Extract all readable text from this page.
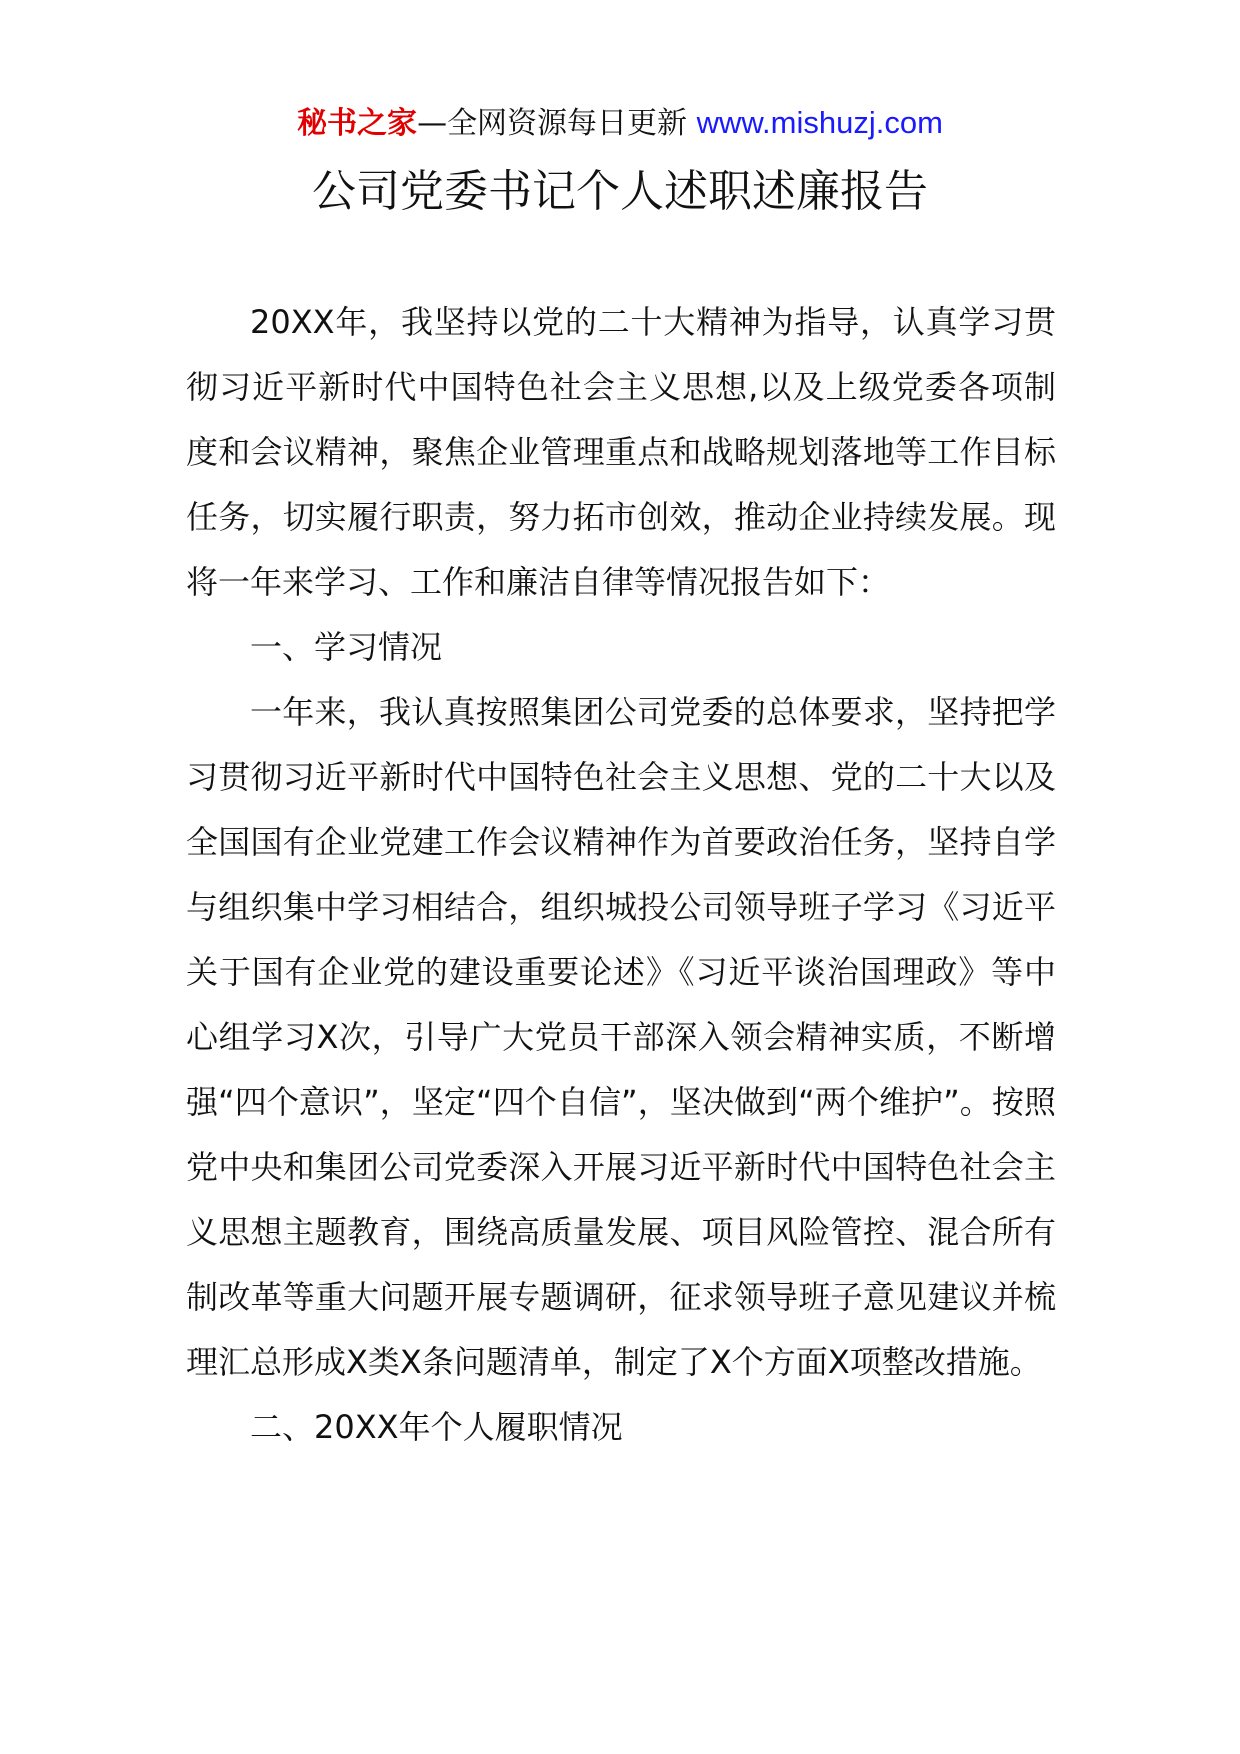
秘书之家—全网资源每日更新 www.mishuzj.com
公司党委书记个人述职述廉报告

20XX年，我坚持以党的二十大精神为指导，认真学习贯彻习近平新时代中国特色社会主义思想,以及上级党委各项制度和会议精神，聚焦企业管理重点和战略规划落地等工作目标任务，切实履行职责，努力拓市创效，推动企业持续发展。现将一年来学习、工作和廉洁自律等情况报告如下：

一、学习情况

一年来，我认真按照集团公司党委的总体要求，坚持把学习贯彻习近平新时代中国特色社会主义思想、党的二十大以及全国国有企业党建工作会议精神作为首要政治任务，坚持自学与组织集中学习相结合，组织城投公司领导班子学习《习近平关于国有企业党的建设重要论述》《习近平谈治国理政》等中心组学习X次，引导广大党员干部深入领会精神实质，不断增强“四个意识”，坚定“四个自信”，坚决做到“两个维护”。按照党中央和集团公司党委深入开展习近平新时代中国特色社会主义思想主题教育，围绕高质量发展、项目风险管控、混合所有制改革等重大问题开展专题调研，征求领导班子意见建议并梳理汇总形成X类X条问题清单，制定了X个方面X项整改措施。

二、20XX年个人履职情况
